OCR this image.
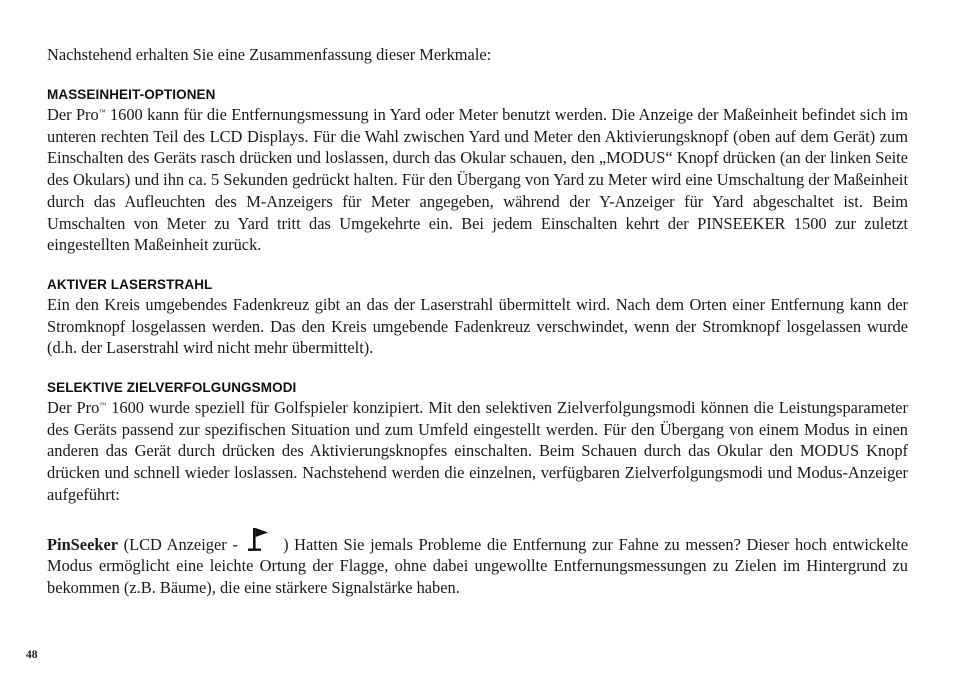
Nachstehend erhalten Sie eine Zusammenfassung dieser Merkmale:

MASSEINHEIT-OPTIONEN

Der Pro™ 1600 kann für die Entfernungsmessung in Yard oder Meter benutzt werden. Die Anzeige der Maßeinheit befindet sich im unteren rechten Teil des LCD Displays. Für die Wahl zwischen Yard und Meter den Aktivierungsknopf (oben auf dem Gerät) zum Einschalten des Geräts rasch drücken und loslassen, durch das Okular schauen, den „MODUS“ Knopf drücken (an der linken Seite des Okulars) und ihn ca. 5 Sekunden gedrückt halten. Für den Übergang von Yard zu Meter wird eine Umschaltung der Maßeinheit durch das Aufleuchten des M-Anzeigers für Meter angegeben, während der Y-Anzeiger für Yard abgeschaltet ist. Beim Umschalten von Meter zu Yard tritt das Umgekehrte ein. Bei jedem Einschalten kehrt der PINSEEKER 1500 zur zuletzt eingestellten Maßeinheit zurück.

AKTIVER LASERSTRAHL

Ein den Kreis umgebendes Fadenkreuz gibt an das der Laserstrahl übermittelt wird. Nach dem Orten einer Entfernung kann der Stromknopf losgelassen werden. Das den Kreis umgebende Fadenkreuz verschwindet, wenn der Stromknopf losgelassen wurde (d.h. der Laserstrahl wird nicht mehr übermittelt).

SELEKTIVE ZIELVERFOLGUNGSMODI

Der Pro™ 1600 wurde speziell für Golfspieler konzipiert. Mit den selektiven Zielverfolgungsmodi können die Leistungsparameter des Geräts passend zur spezifischen Situation und zum Umfeld eingestellt werden. Für den Übergang von einem Modus in einen anderen das Gerät durch drücken des Aktivierungsknopfes einschalten. Beim Schauen durch das Okular den MODUS Knopf drücken und schnell wieder loslassen. Nachstehend werden die einzelnen, verfügbaren Zielverfolgungsmodi und Modus-Anzeiger aufgeführt:

PinSeeker (LCD Anzeiger -  ) Hatten Sie jemals Probleme die Entfernung zur Fahne zu messen? Dieser hoch entwickelte Modus ermöglicht eine leichte Ortung der Flagge, ohne dabei ungewollte Entfernungsmessungen zu Zielen im Hintergrund zu bekommen (z.B. Bäume), die eine stärkere Signalstärke haben.

48
